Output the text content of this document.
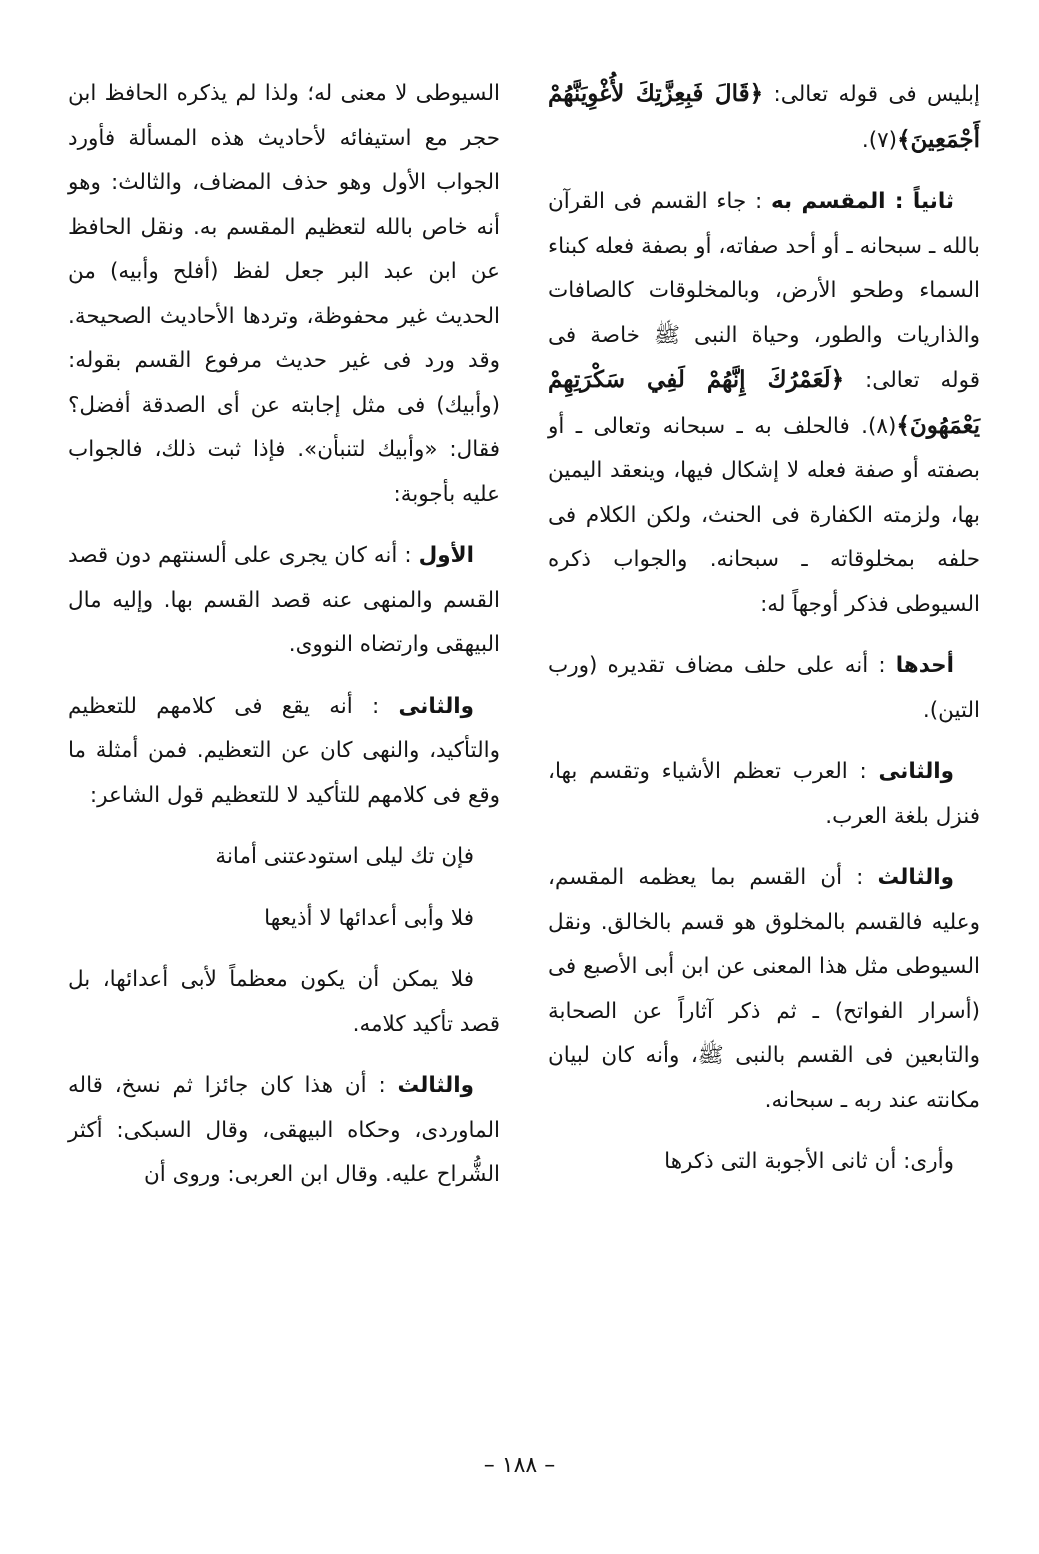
إبليس فى قوله تعالى: ﴿قَالَ فَبِعِزَّتِكَ لأُغْوِيَنَّهُمْ أَجْمَعِينَ﴾(٧).

ثانياً : المقسم به : جاء القسم فى القرآن بالله ـ سبحانه ـ أو أحد صفاته، أو بصفة فعله كبناء السماء وطحو الأرض، وبالمخلوقات كالصافات والذاريات والطور، وحياة النبى ﷺ خاصة فى قوله تعالى: ﴿لَعَمْرُكَ إِنَّهُمْ لَفِي سَكْرَتِهِمْ يَعْمَهُونَ﴾(٨). فالحلف به ـ سبحانه وتعالى ـ أو بصفته أو صفة فعله لا إشكال فيها، وينعقد اليمين بها، ولزمته الكفارة فى الحنث، ولكن الكلام فى حلفه بمخلوقاته ـ سبحانه. والجواب ذكره السيوطى فذكر أوجهاً له:

أحدها : أنه على حلف مضاف تقديره (ورب التين).

والثانى : العرب تعظم الأشياء وتقسم بها، فنزل بلغة العرب.

والثالث : أن القسم بما يعظمه المقسم، وعليه فالقسم بالمخلوق هو قسم بالخالق. ونقل السيوطى مثل هذا المعنى عن ابن أبى الأصبع فى (أسرار الفواتح) ـ ثم ذكر آثاراً عن الصحابة والتابعين فى القسم بالنبى ﷺ، وأنه كان لبيان مكانته عند ربه ـ سبحانه.

وأرى: أن ثانى الأجوبة التى ذكرها

السيوطى لا معنى له؛ ولذا لم يذكره الحافظ ابن حجر مع استيفائه لأحاديث هذه المسألة فأورد الجواب الأول وهو حذف المضاف، والثالث: وهو أنه خاص بالله لتعظيم المقسم به. ونقل الحافظ عن ابن عبد البر جعل لفظ (أفلح وأبيه) من الحديث غير محفوظة، وتردها الأحاديث الصحيحة. وقد ورد فى غير حديث مرفوع القسم بقوله: (وأبيك) فى مثل إجابته عن أى الصدقة أفضل؟ فقال: «وأبيك لتنبأن». فإذا ثبت ذلك، فالجواب عليه بأجوبة:

الأول : أنه كان يجرى على ألسنتهم دون قصد القسم والمنهى عنه قصد القسم بها. وإليه مال البيهقى وارتضاه النووى.

والثانى : أنه يقع فى كلامهم للتعظيم والتأكيد، والنهى كان عن التعظيم. فمن أمثلة ما وقع فى كلامهم للتأكيد لا للتعظيم قول الشاعر:

فإن تك ليلى استودعتنى أمانة

فلا وأبى أعدائها لا أذيعها

فلا يمكن أن يكون معظماً لأبى أعدائها، بل قصد تأكيد كلامه.

والثالث : أن هذا كان جائزا ثم نسخ، قاله الماوردى، وحكاه البيهقى، وقال السبكى: أكثر الشُّراح عليه. وقال ابن العربى: وروى أن

– ١٨٨ –
